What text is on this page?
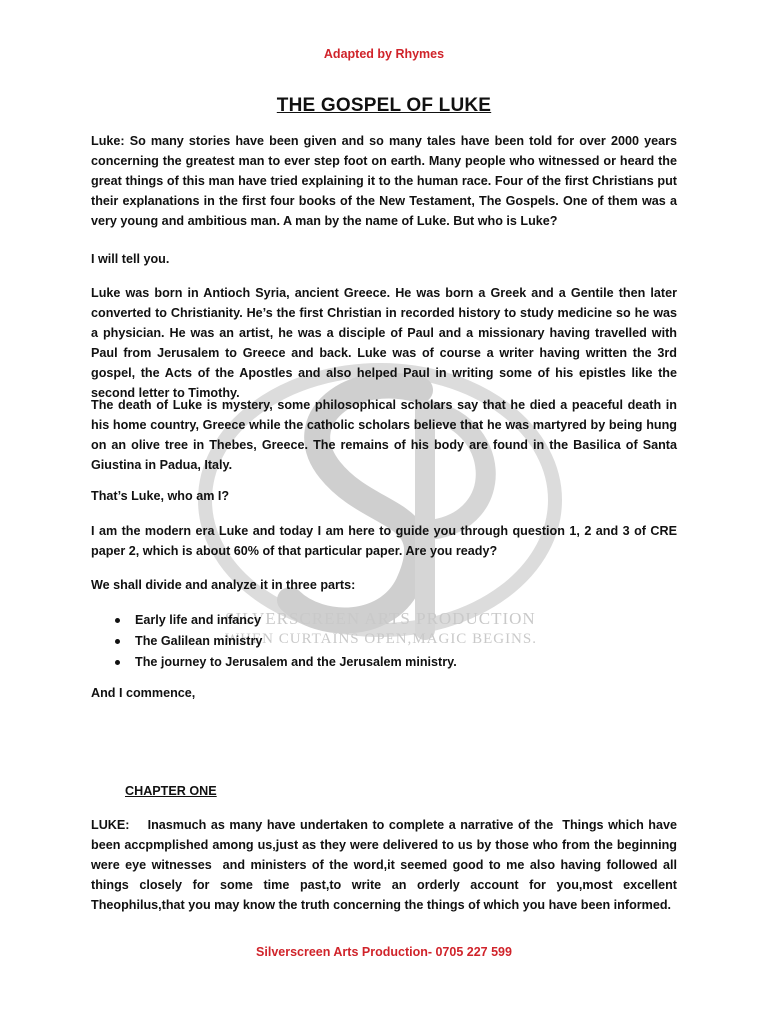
SILVERSCREEN ARTS PRODUCTION
WHEN CURTAINS OPEN,MAGIC BEGINS.
Adapted by Rhymes
THE GOSPEL OF LUKE

Luke: So many stories have been given and so many tales have been told for over 2000 years concerning the greatest man to ever step foot on earth. Many people who witnessed or heard the great things of this man have tried explaining it to the human race. Four of the first Christians put their explanations in the first four books of the New Testament, The Gospels. One of them was a very young and ambitious man. A man by the name of Luke. But who is Luke?

I will tell you.

Luke was born in Antioch Syria, ancient Greece. He was born a Greek and a Gentile then later converted to Christianity. He’s the first Christian in recorded history to study medicine so he was a physician. He was an artist, he was a disciple of Paul and a missionary having travelled with Paul from Jerusalem to Greece and back. Luke was of course a writer having written the 3rd gospel, the Acts of the Apostles and also helped Paul in writing some of his epistles like the second letter to Timothy.

The death of Luke is mystery, some philosophical scholars say that he died a peaceful death in his home country, Greece while the catholic scholars believe that he was martyred by being hung on an olive tree in Thebes, Greece. The remains of his body are found in the Basilica of Santa Giustina in Padua, Italy.

That’s Luke, who am I?

I am the modern era Luke and today I am here to guide you through question 1, 2 and 3 of CRE paper 2, which is about 60% of that particular paper. Are you ready?

We shall divide and analyze it in three parts:

Early life and infancy
The Galilean ministry
The journey to Jerusalem and the Jerusalem ministry.

And I commence,

CHAPTER ONE

LUKE:    Inasmuch as many have undertaken to complete a narrative of the  Things which have been accpmplished among us,just as they were delivered to us by those who from the beginning  were eye witnesses  and ministers of the word,it seemed good to me also having followed all things closely for some time past,to write an orderly account for you,most excellent Theophilus,that you may know the truth concerning the things of which you have been informed.

Silverscreen Arts Production- 0705 227 599
